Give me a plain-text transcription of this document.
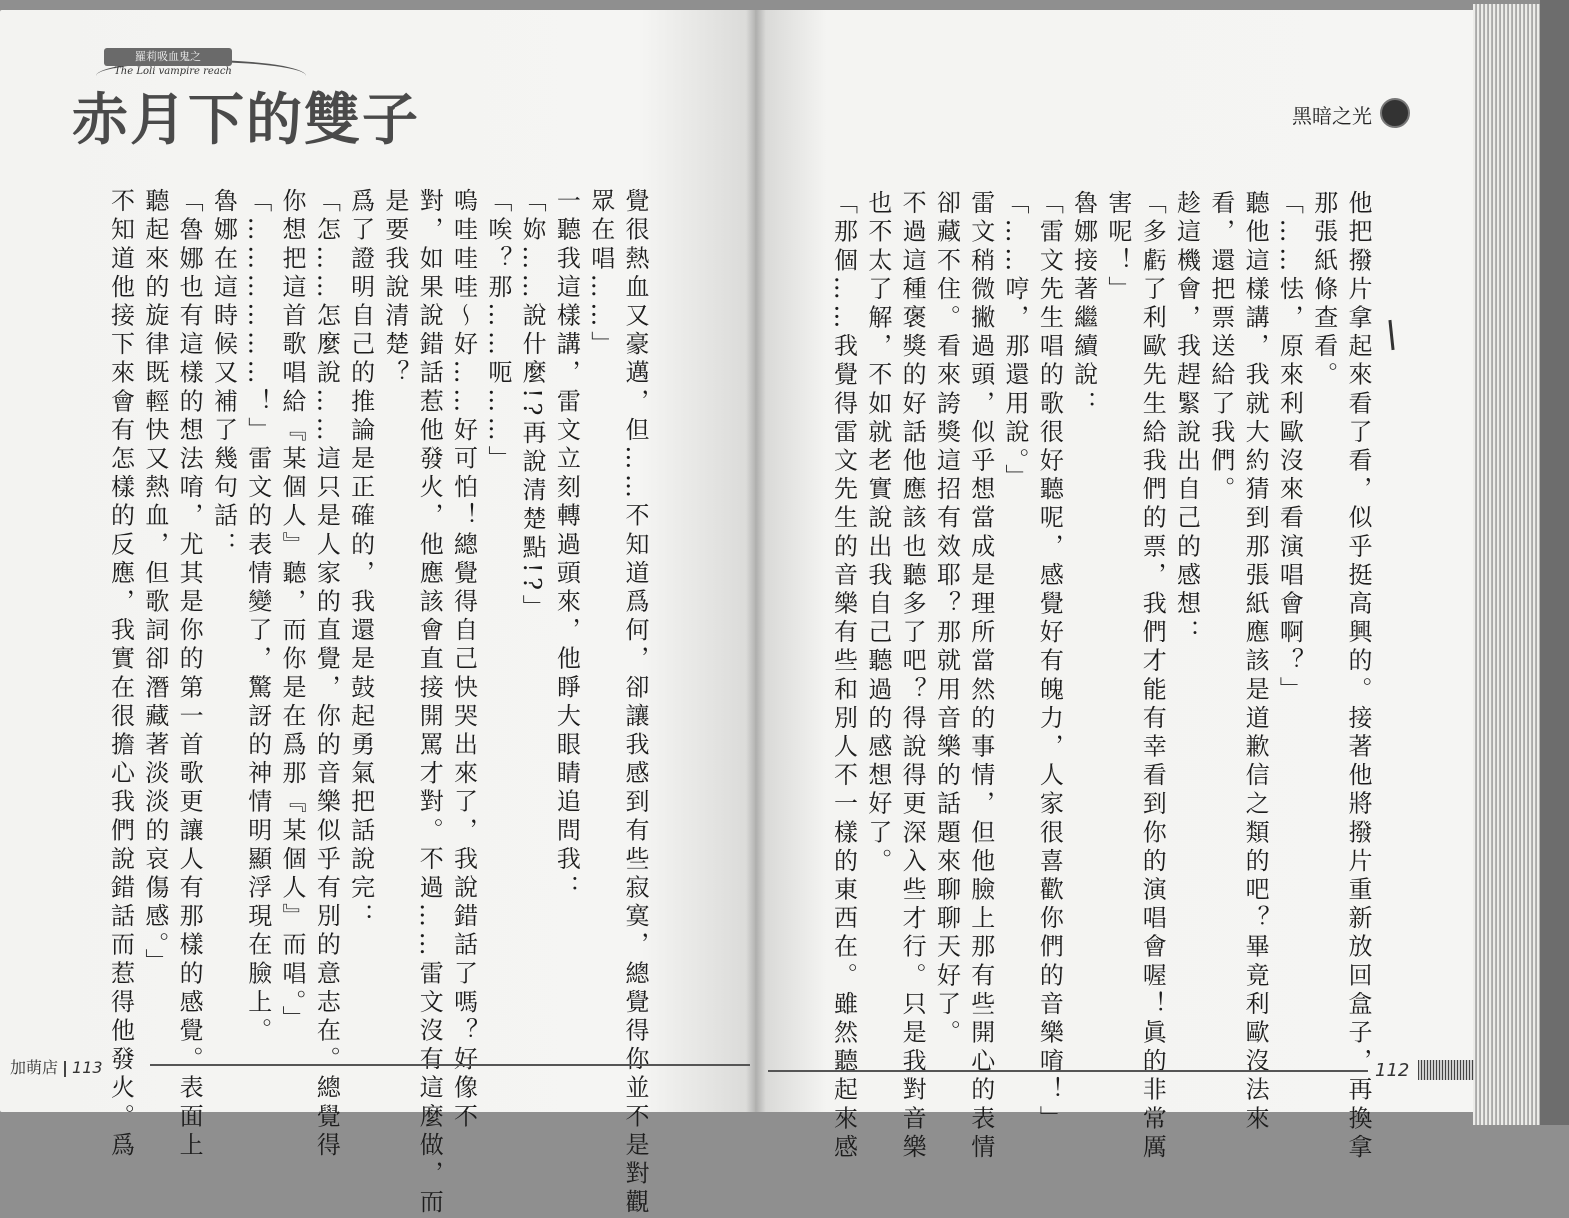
羅莉吸血鬼之
The Loli vampire reach
赤月下的雙子	黑暗之光
覺很熱血又豪邁，但……不知道爲何，卻讓我感到有些寂寞，總覺得你並不是對觀
眾在唱……」
一聽我這樣講，雷文立刻轉過頭來，他睜大眼睛追問我：
「妳……說什麼!?再說清楚點!?」
「唉？那……呃……」
嗚哇哇哇～好……好可怕！總覺得自己快哭出來了，我說錯話了嗎？好像不
對，如果說錯話惹他發火，他應該會直接開罵才對。不過……雷文沒有這麼做，而
是要我說清楚？
爲了證明自己的推論是正確的，我還是鼓起勇氣把話說完：
「怎……怎麼說……這只是人家的直覺，你的音樂似乎有別的意志在。總覺得
你想把這首歌唱給『某個人』聽，而你是在爲那『某個人』而唱。」
「………………！」雷文的表情變了，驚訝的神情明顯浮現在臉上。
魯娜在這時候又補了幾句話：
「魯娜也有這樣的想法唷，尤其是你的第一首歌更讓人有那樣的感覺。表面上
聽起來的旋律既輕快又熱血，但歌詞卻潛藏著淡淡的哀傷感。」
不知道他接下來會有怎樣的反應，我實在很擔心我們說錯話而惹得他發火。爲	他把撥片拿起來看了看，似乎挺高興的。接著他將撥片重新放回盒子，再換拿
那張紙條查看。
「……怯，原來利歐沒來看演唱會啊？」
聽他這樣講，我就大約猜到那張紙應該是道歉信之類的吧？畢竟利歐沒法來
看，還把票送給了我們。
趁這機會，我趕緊說出自己的感想：
「多虧了利歐先生給我們的票，我們才能有幸看到你的演唱會喔！眞的非常厲
害呢！」
魯娜接著繼續說：
「雷文先生唱的歌很好聽呢，感覺好有魄力，人家很喜歡你們的音樂唷！」
「……哼，那還用說。」
雷文稍微撇過頭，似乎想當成是理所當然的事情，但他臉上那有些開心的表情
卻藏不住。看來誇獎這招有效耶？那就用音樂的話題來聊聊天好了。
不過這種褒獎的好話他應該也聽多了吧？得說得更深入些才行。只是我對音樂
也不太了解，不如就老實說出我自己聽過的感想好了。
「那個……我覺得雷文先生的音樂有些和別人不一樣的東西在。雖然聽起來感
加萌店 113	112
